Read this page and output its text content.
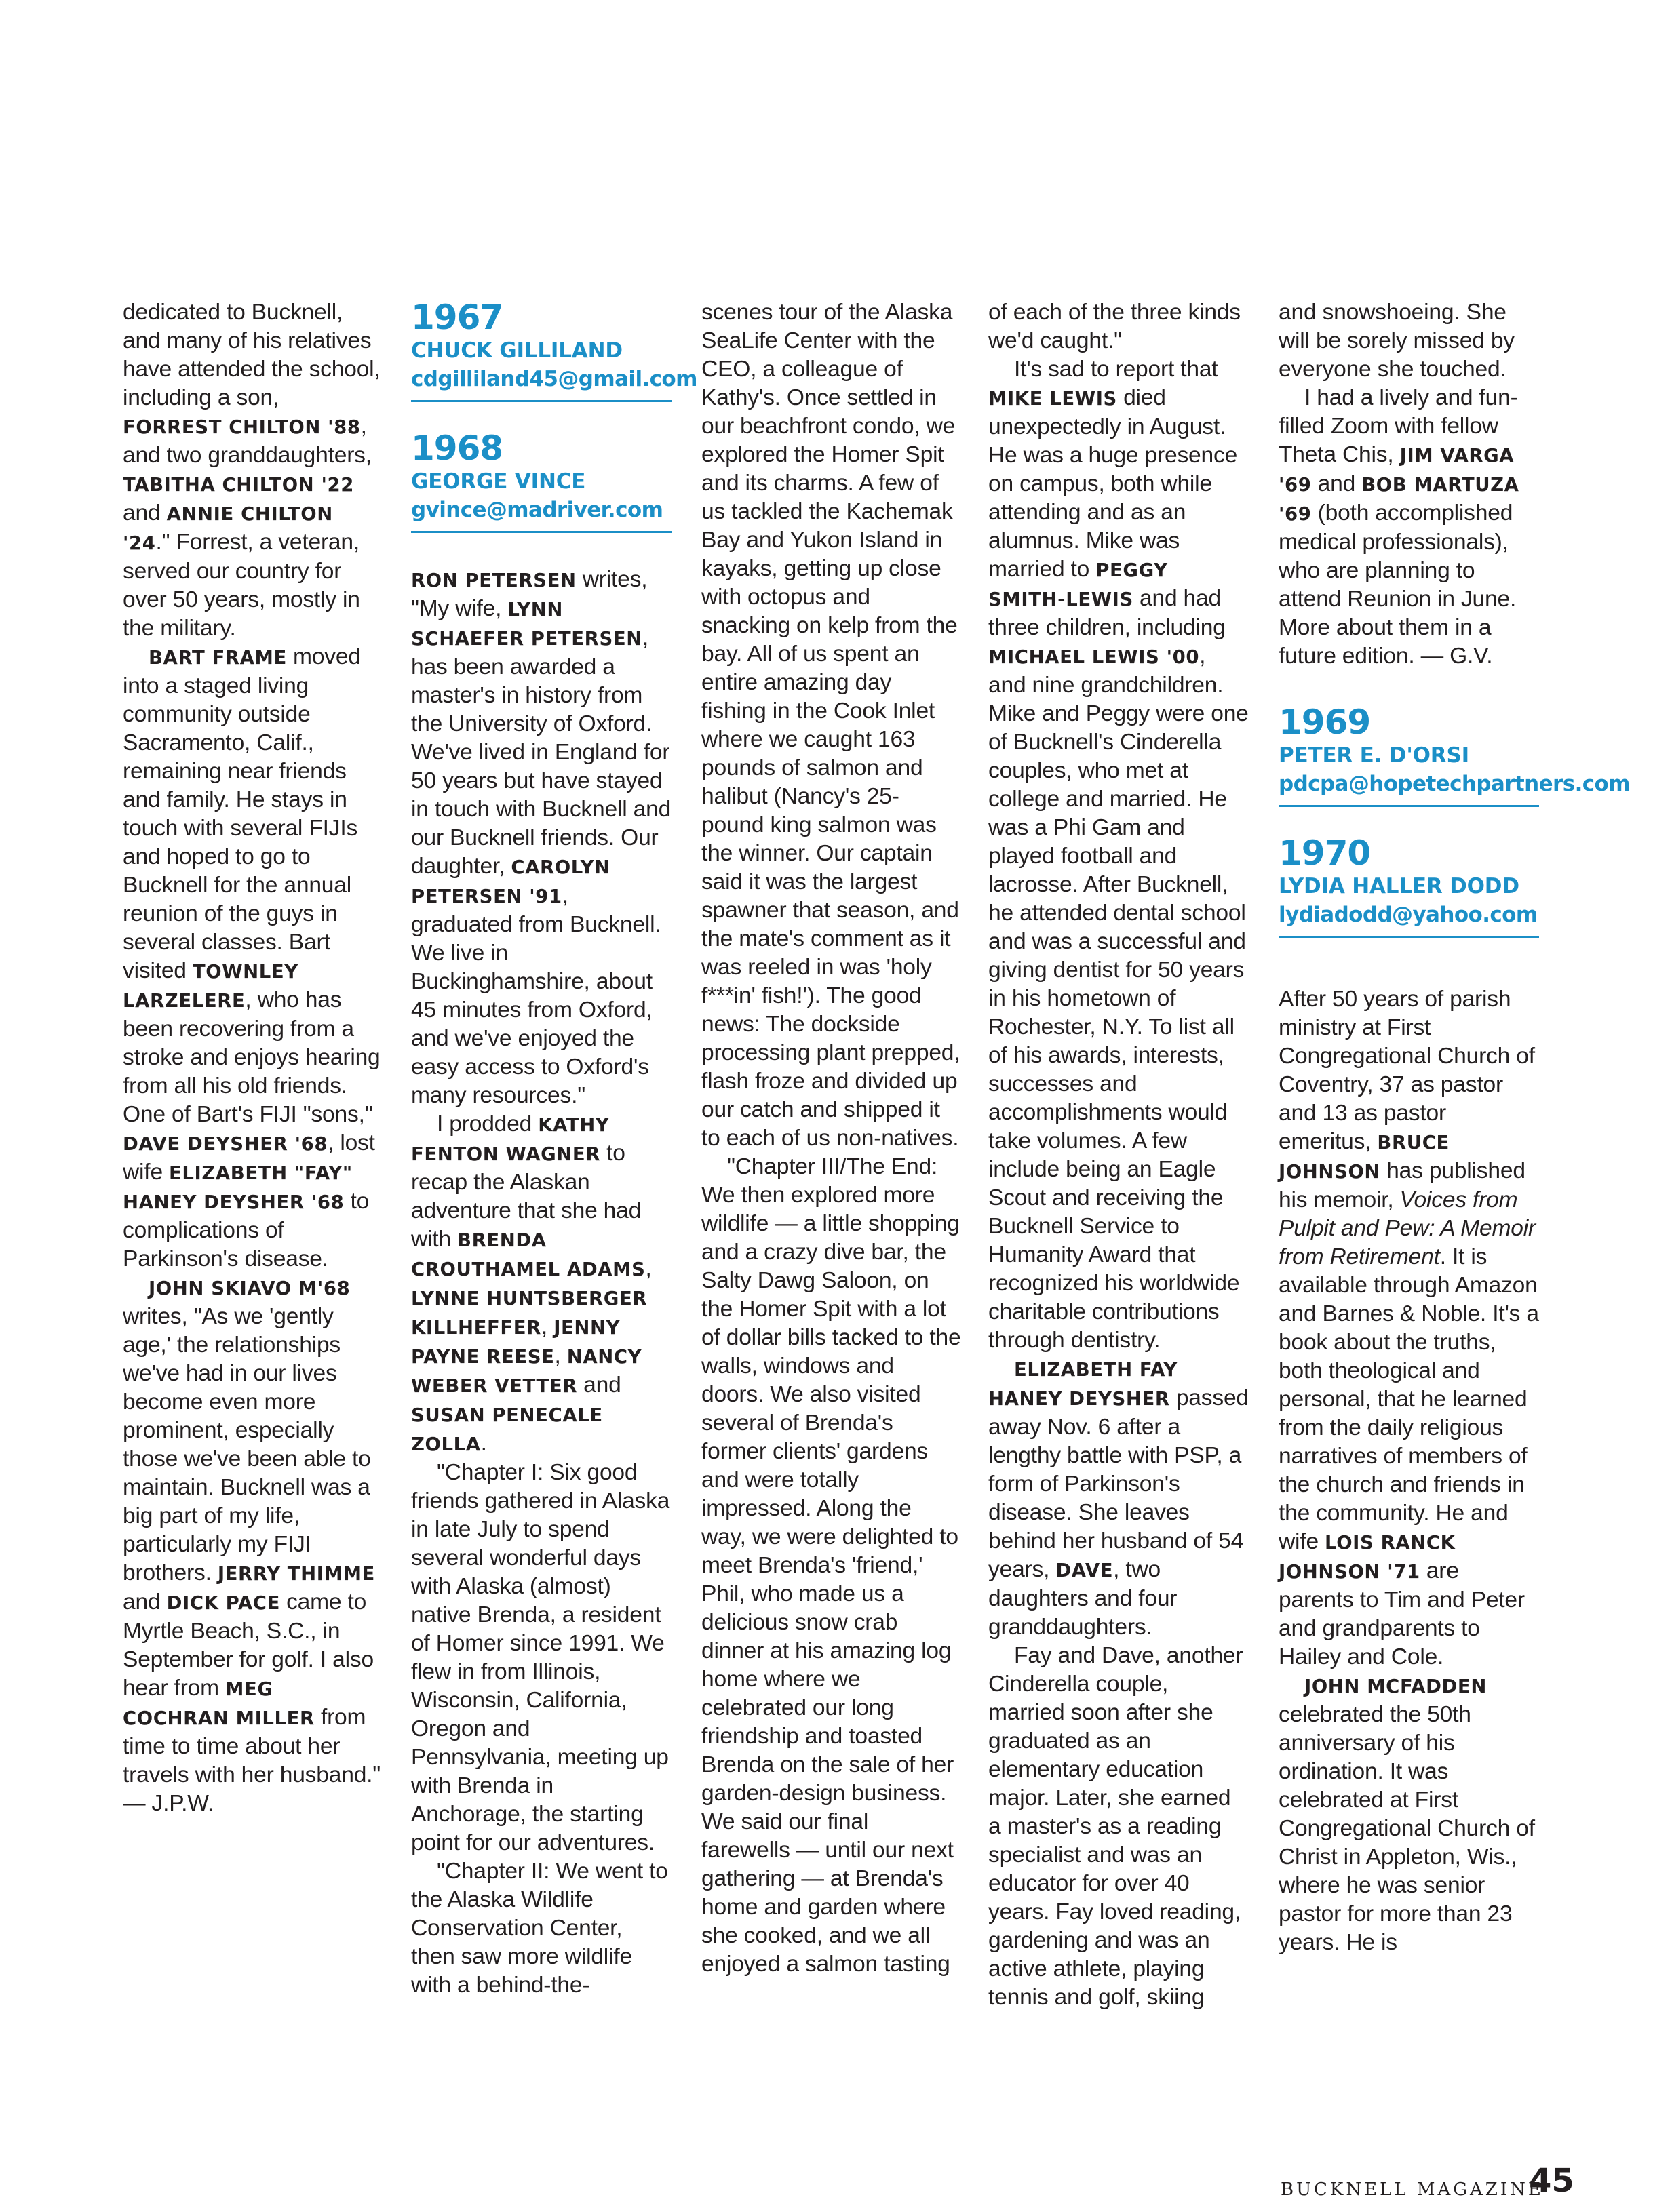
dedicated to Bucknell, and many of his relatives have attended the school, including a son, FORREST CHILTON '88, and two granddaughters, TABITHA CHILTON '22 and ANNIE CHILTON '24." Forrest, a veteran, served our country for over 50 years, mostly in the military.

BART FRAME moved into a staged living community outside Sacramento, Calif., remaining near friends and family. He stays in touch with several FIJIs and hoped to go to Bucknell for the annual reunion of the guys in several classes. Bart visited TOWNLEY LARZELERE, who has been recovering from a stroke and enjoys hearing from all his old friends. One of Bart's FIJI "sons," DAVE DEYSHER '68, lost wife ELIZABETH "FAY" HANEY DEYSHER '68 to complications of Parkinson's disease.

JOHN SKIAVO M'68 writes, "As we 'gently age,' the relationships we've had in our lives become even more prominent, especially those we've been able to maintain. Bucknell was a big part of my life, particularly my FIJI brothers. JERRY THIMME and DICK PACE came to Myrtle Beach, S.C., in September for golf. I also hear from MEG COCHRAN MILLER from time to time about her travels with her husband." — J.P.W.

1967
CHUCK GILLILAND
cdgilliland45@gmail.com
1968
GEORGE VINCE
gvince@madriver.com

RON PETERSEN writes, "My wife, LYNN SCHAEFER PETERSEN, has been awarded a master's in history from the University of Oxford. We've lived in England for 50 years but have stayed in touch with Bucknell and our Bucknell friends. Our daughter, CAROLYN PETERSEN '91, graduated from Bucknell. We live in Buckinghamshire, about 45 minutes from Oxford, and we've enjoyed the easy access to Oxford's many resources."

I prodded KATHY FENTON WAGNER to recap the Alaskan adventure that she had with BRENDA CROUTHAMEL ADAMS, LYNNE HUNTSBERGER KILLHEFFER, JENNY PAYNE REESE, NANCY WEBER VETTER and SUSAN PENECALE ZOLLA.

"Chapter I: Six good friends gathered in Alaska in late July to spend several wonderful days with Alaska (almost) native Brenda, a resident of Homer since 1991. We flew in from Illinois, Wisconsin, California, Oregon and Pennsylvania, meeting up with Brenda in Anchorage, the starting point for our adventures.

"Chapter II: We went to the Alaska Wildlife Conservation Center, then saw more wildlife with a behind-the-

scenes tour of the Alaska SeaLife Center with the CEO, a colleague of Kathy's. Once settled in our beachfront condo, we explored the Homer Spit and its charms. A few of us tackled the Kachemak Bay and Yukon Island in kayaks, getting up close with octopus and snacking on kelp from the bay. All of us spent an entire amazing day fishing in the Cook Inlet where we caught 163 pounds of salmon and halibut (Nancy's 25-pound king salmon was the winner. Our captain said it was the largest spawner that season, and the mate's comment as it was reeled in was 'holy f***in' fish!'). The good news: The dockside processing plant prepped, flash froze and divided up our catch and shipped it to each of us non-natives.

"Chapter III/The End: We then explored more wildlife — a little shopping and a crazy dive bar, the Salty Dawg Saloon, on the Homer Spit with a lot of dollar bills tacked to the walls, windows and doors. We also visited several of Brenda's former clients' gardens and were totally impressed. Along the way, we were delighted to meet Brenda's 'friend,' Phil, who made us a delicious snow crab dinner at his amazing log home where we celebrated our long friendship and toasted Brenda on the sale of her garden-design business. We said our final farewells — until our next gathering — at Brenda's home and garden where she cooked, and we all enjoyed a salmon tasting

of each of the three kinds we'd caught."

It's sad to report that MIKE LEWIS died unexpectedly in August. He was a huge presence on campus, both while attending and as an alumnus. Mike was married to PEGGY SMITH-LEWIS and had three children, including MICHAEL LEWIS '00, and nine grandchildren. Mike and Peggy were one of Bucknell's Cinderella couples, who met at college and married. He was a Phi Gam and played football and lacrosse. After Bucknell, he attended dental school and was a successful and giving dentist for 50 years in his hometown of Rochester, N.Y. To list all of his awards, interests, successes and accomplishments would take volumes. A few include being an Eagle Scout and receiving the Bucknell Service to Humanity Award that recognized his worldwide charitable contributions through dentistry.

ELIZABETH FAY HANEY DEYSHER passed away Nov. 6 after a lengthy battle with PSP, a form of Parkinson's disease. She leaves behind her husband of 54 years, DAVE, two daughters and four granddaughters.

Fay and Dave, another Cinderella couple, married soon after she graduated as an elementary education major. Later, she earned a master's as a reading specialist and was an educator for over 40 years. Fay loved reading, gardening and was an active athlete, playing tennis and golf, skiing

and snowshoeing. She will be sorely missed by everyone she touched.

I had a lively and fun-filled Zoom with fellow Theta Chis, JIM VARGA '69 and BOB MARTUZA '69 (both accomplished medical professionals), who are planning to attend Reunion in June. More about them in a future edition. — G.V.

1969
PETER E. D'ORSI
pdcpa@hopetechpartners.com
1970
LYDIA HALLER DODD
lydiadodd@yahoo.com

After 50 years of parish ministry at First Congregational Church of Coventry, 37 as pastor and 13 as pastor emeritus, BRUCE JOHNSON has published his memoir, Voices from Pulpit and Pew: A Memoir from Retirement. It is available through Amazon and Barnes & Noble. It's a book about the truths, both theological and personal, that he learned from the daily religious narratives of members of the church and friends in the community. He and wife LOIS RANCK JOHNSON '71 are parents to Tim and Peter and grandparents to Hailey and Cole.

JOHN MCFADDEN celebrated the 50th anniversary of his ordination. It was celebrated at First Congregational Church of Christ in Appleton, Wis., where he was senior pastor for more than 23 years. He is

BUCKNELL MAGAZINE
45
